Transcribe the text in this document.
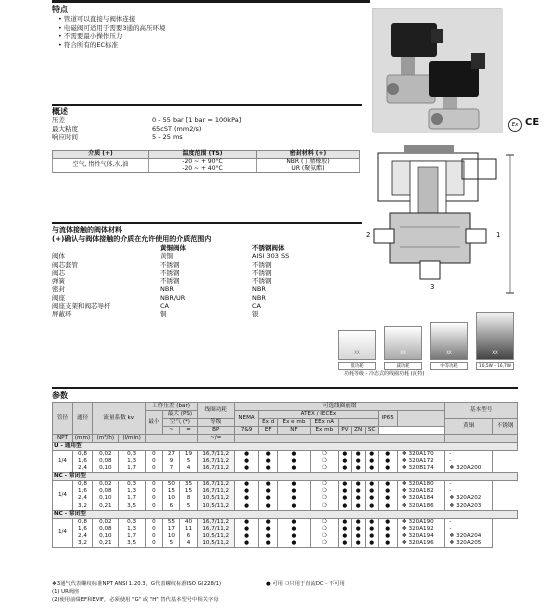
特点
• 管道可以直接与阀体连接
• 电磁阀可适用于需要3通的高压环境
• 不需要最小操作压力
• 符合所有的EC标准
Ex CE
概述
压差	0 - 55 bar [1 bar = 100kPa]
最大粘度	65cST (mm2/s)
响应时间	5 - 25 ms
介质 (+)	温度范围 (TS)	密封材料 (+)
空气, 惰性气体,水,油	-20 ~ + 90°C	NBR (丁腈橡胶)
	-20 ~ + 40°C	UR (聚氨酯)
2	1
3
与流体接触的阀体材料
(+)确认与阀体接触的介质在允许使用的介质范围内
黄铜阀体	不锈钢阀体
阀体	黄铜	AISI 303 SS
阀芯套管	不锈钢	不锈钢
阀芯	不锈钢	不锈钢
弹簧	不锈钢	不锈钢
密封	NBR	NBR
阀座	NBR/UR	NBR
阀座支架和阀芯导杆	CA	CA
屏蔽环	铜	银
XX	XX	XX	XX
低功耗	减功耗	中等功耗	10,5W - 16,7W
功耗等级 - 冷态式的线圈功耗 (瓦特)
参数
管径	通径	流量系数 kv		工作压差 (bar)			线圈功耗	可选线圈前缀									基本型号	
				最小	最大 (PS)			NEMA	ATEX / IECEx						IP65			
					空气 (*)		等级		Ex d	Ex e mb	EEx nA						黄铜	不锈钢
					~	=	BP	7&9	EF	NF	Ex mb	PV	ZN	SC				
NPT	(mm)	(m³/h)	(l/min)				~/=											
U - 通用型																		
1/4	0,8	0,02	0,3	0	27	19	16,7/11,2	●	●	●	❍	●	●	●	●	❖ 320A170	-	
	1,6	0,08	1,3	0	9	5	16,7/11,2	●	●	●	❍	●	●	●	●	❖ 320A172	-	
	2,4	0,10	1,7	0	7	4	16,7/11,2	●	●	●	❍	●	●	●	●	❖ 320B174	❖ 320A200	
NC - 常闭型																		
1/4	0,8	0,02	0,3	0	50	35	16,7/11,2	●	●	●	❍	●	●	●	●	❖ 320A180	-	
	1,6	0,08	1,3	0	15	15	16,7/11,2	●	●	●	❍	●	●	●	●	❖ 320A182	-	
	2,4	0,10	1,7	0	10	8	10,5/11,2	●	●	●	❍	●	●	●	●	❖ 320A184	❖ 320A202	
	3,2	0,21	3,5	0	6	5	10,5/11,2	●	●	●	❍	●	●	●	●	❖ 320A186	❖ 320A203	
NC - 常闭型																		
1/4	0,8	0,02	0,3	0	55	40	16,7/11,2	●	●	●	❍	●	●	●	●	❖ 320A190	-	
	1,6	0,08	1,3	0	17	11	16,7/11,2	●	●	●	❍	●	●	●	●	❖ 320A192	-	
	2,4	0,10	1,7	0	10	6	10,5/11,2	●	●	●	❍	●	●	●	●	❖ 320A194	❖ 320A204	
	3,2	0,21	3,5	0	5	4	10,5/11,2	●	●	●	❍	●	●	●	●	❖ 320A196	❖ 320A205	
❖3通气代表螺纹标准NPT ANSI 1.20.3，G代表螺纹标准ISO G(228/1)	● 可用 ❍只用于直流DC - 不可用
(1) UR阀座
(2)使用前缀EF和EVIF，必须使用 "G" 或 "H" 替代基本型号中相关字母
